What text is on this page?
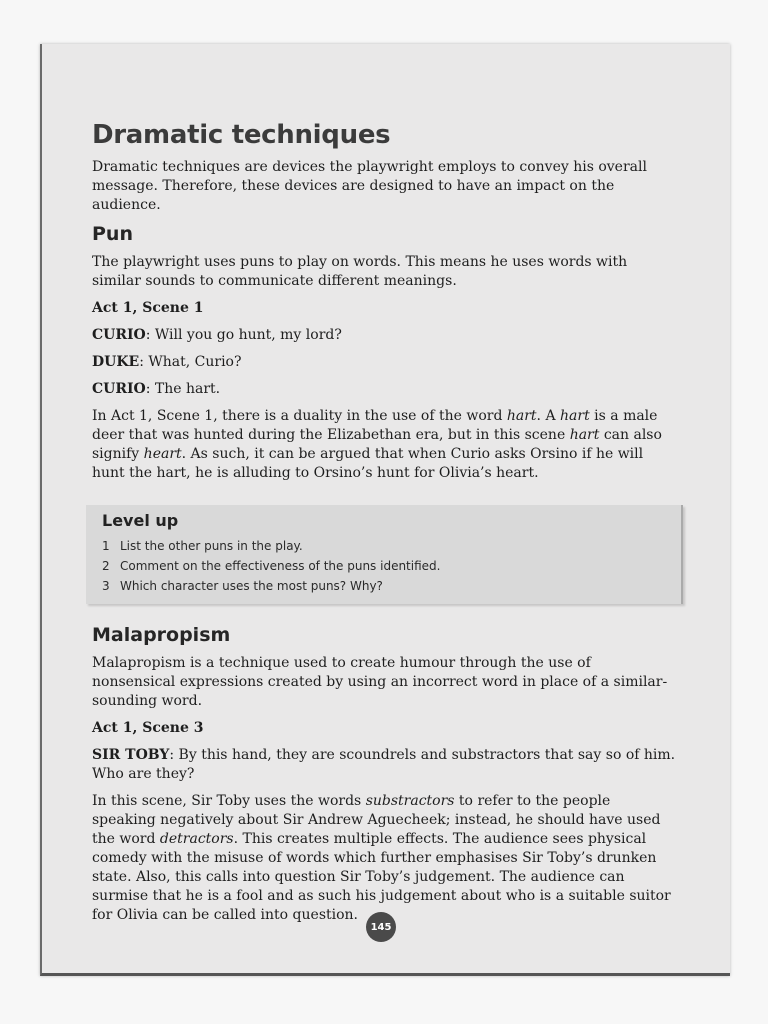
Dramatic techniques

Dramatic techniques are devices the playwright employs to convey his overall message. Therefore, these devices are designed to have an impact on the audience.

Pun

The playwright uses puns to play on words. This means he uses words with similar sounds to communicate different meanings.

Act 1, Scene 1

CURIO: Will you go hunt, my lord?

DUKE: What, Curio?

CURIO: The hart.

In Act 1, Scene 1, there is a duality in the use of the word hart. A hart is a male deer that was hunted during the Elizabethan era, but in this scene hart can also signify heart. As such, it can be argued that when Curio asks Orsino if he will hunt the hart, he is alluding to Orsino’s hunt for Olivia’s heart.

Level up
1 List the other puns in the play.
2 Comment on the effectiveness of the puns identified.
3 Which character uses the most puns? Why?
Malapropism

Malapropism is a technique used to create humour through the use of nonsensical expressions created by using an incorrect word in place of a similar-sounding word.

Act 1, Scene 3

SIR TOBY: By this hand, they are scoundrels and substractors that say so of him. Who are they?

In this scene, Sir Toby uses the words substractors to refer to the people speaking negatively about Sir Andrew Aguecheek; instead, he should have used the word detractors. This creates multiple effects. The audience sees physical comedy with the misuse of words which further emphasises Sir Toby’s drunken state. Also, this calls into question Sir Toby’s judgement. The audience can surmise that he is a fool and as such his judgement about who is a suitable suitor for Olivia can be called into question.

145
